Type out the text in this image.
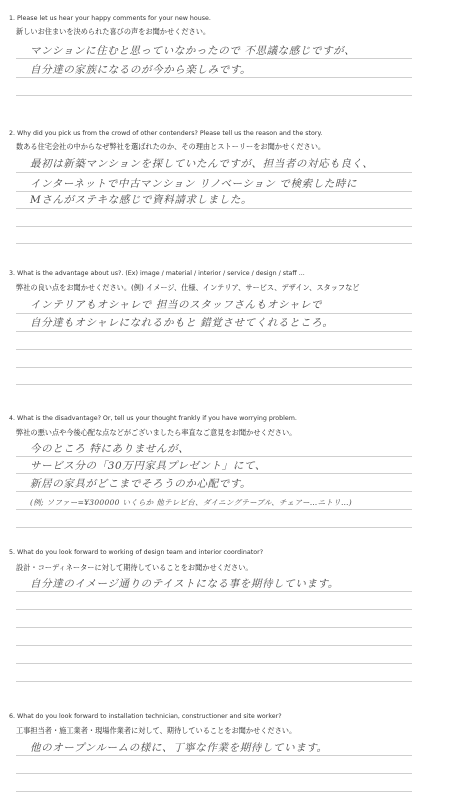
1. Please let us hear your happy comments for your new house.
新しいお住まいを決められた喜びの声をお聞かせください。
マンションに住むと思っていなかったので 不思議な感じですが、
自分達の家族になるのが今から楽しみです。
2. Why did you pick us from the crowd of other contenders? Please tell us the reason and the story.
数ある住宅会社の中からなぜ弊社を選ばれたのか、その理由とストーリーをお聞かせください。
最初は新築マンションを探していたんですが、担当者の対応も良く、
インターネットで中古マンション リノベーション で検索した時に
Mさんがステキな感じで資料請求しました。
3. What is the advantage about us?. (Ex) image / material / interior / service / design / staff ...
弊社の良い点をお聞かせください。(例) イメージ、仕様、インテリア、サービス、デザイン、スタッフなど
インテリアもオシャレで 担当のスタッフさんもオシャレで
自分達もオシャレになれるかもと 錯覚させてくれるところ。
4. What is the disadvantage? Or, tell us your thought frankly if you have worrying problem.
弊社の悪い点や今後心配な点などがございましたら率直なご意見をお聞かせください。
今のところ 特にありませんが、
サービス分の「30万円家具プレゼント」にて、
新居の家具がどこまでそろうのか心配です。
(例; ソファー=¥300000 いくらか 他テレビ台、ダイニングテーブル、チェアー…ニトリ…)
5. What do you look forward to working of design team and interior coordinator?
設計・コーディネーターに対して期待していることをお聞かせください。
自分達のイメージ通りのテイストになる事を期待しています。
6. What do you look forward to installation technician, constructioner and site worker?
工事担当者・施工業者・現場作業者に対して、期待していることをお聞かせください。
他のオープンルームの様に、丁寧な作業を期待しています。
